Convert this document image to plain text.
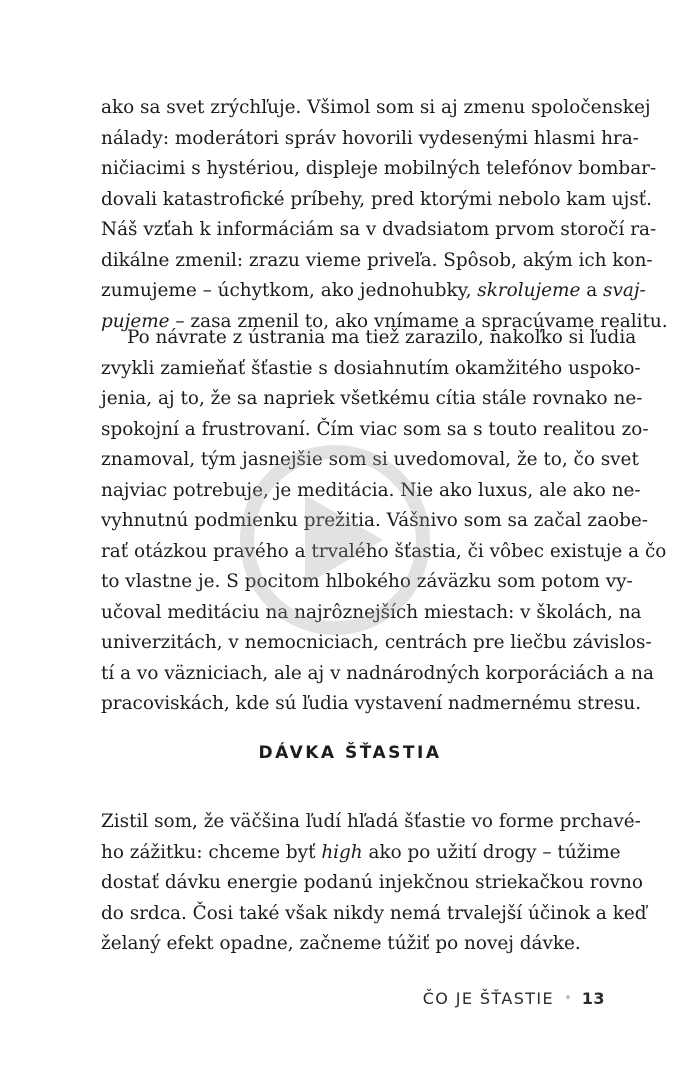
ako sa svet zrýchľuje. Všimol som si aj zmenu spoločenskej
nálady: moderátori správ hovorili vydesenými hlasmi hra-
ničiacimi s hystériou, displeje mobilných telefónov bombar-
dovali katastrofické príbehy, pred ktorými nebolo kam ujsť.
Náš vzťah k informáciám sa v dvadsiatom prvom storočí ra-
dikálne zmenil: zrazu vieme priveľa. Spôsob, akým ich kon-
zumujeme – úchytkom, ako jednohubky, skrolujeme a svaj-
pujeme – zasa zmenil to, ako vnímame a spracúvame realitu.
Po návrate z ústrania ma tiež zarazilo, nakoľko si ľudia
zvykli zamieňať šťastie s dosiahnutím okamžitého uspoko-
jenia, aj to, že sa napriek všetkému cítia stále rovnako ne-
spokojní a frustrovaní. Čím viac som sa s touto realitou zo-
znamoval, tým jasnejšie som si uvedomoval, že to, čo svet
najviac potrebuje, je meditácia. Nie ako luxus, ale ako ne-
vyhnutnú podmienku prežitia. Vášnivo som sa začal zaobe-
rať otázkou pravého a trvalého šťastia, či vôbec existuje a čo
to vlastne je. S pocitom hlbokého záväzku som potom vy-
učoval meditáciu na najrôznejších miestach: v školách, na
univerzitách, v nemocniciach, centrách pre liečbu závislos-
tí a vo väzniciach, ale aj v nadnárodných korporáciách a na
pracoviskách, kde sú ľudia vystavení nadmernému stresu.
Zistil som, že väčšina ľudí hľadá šťastie vo forme prchavé-
ho zážitku: chceme byť high ako po užití drogy – túžime
dostať dávku energie podanú injekčnou striekačkou rovno
do srdca. Čosi také však nikdy nemá trvalejší účinok a keď
želaný efekt opadne, začneme túžiť po novej dávke.
DÁVKA ŠŤASTIA
ČO JE ŠŤASTIE • 13
